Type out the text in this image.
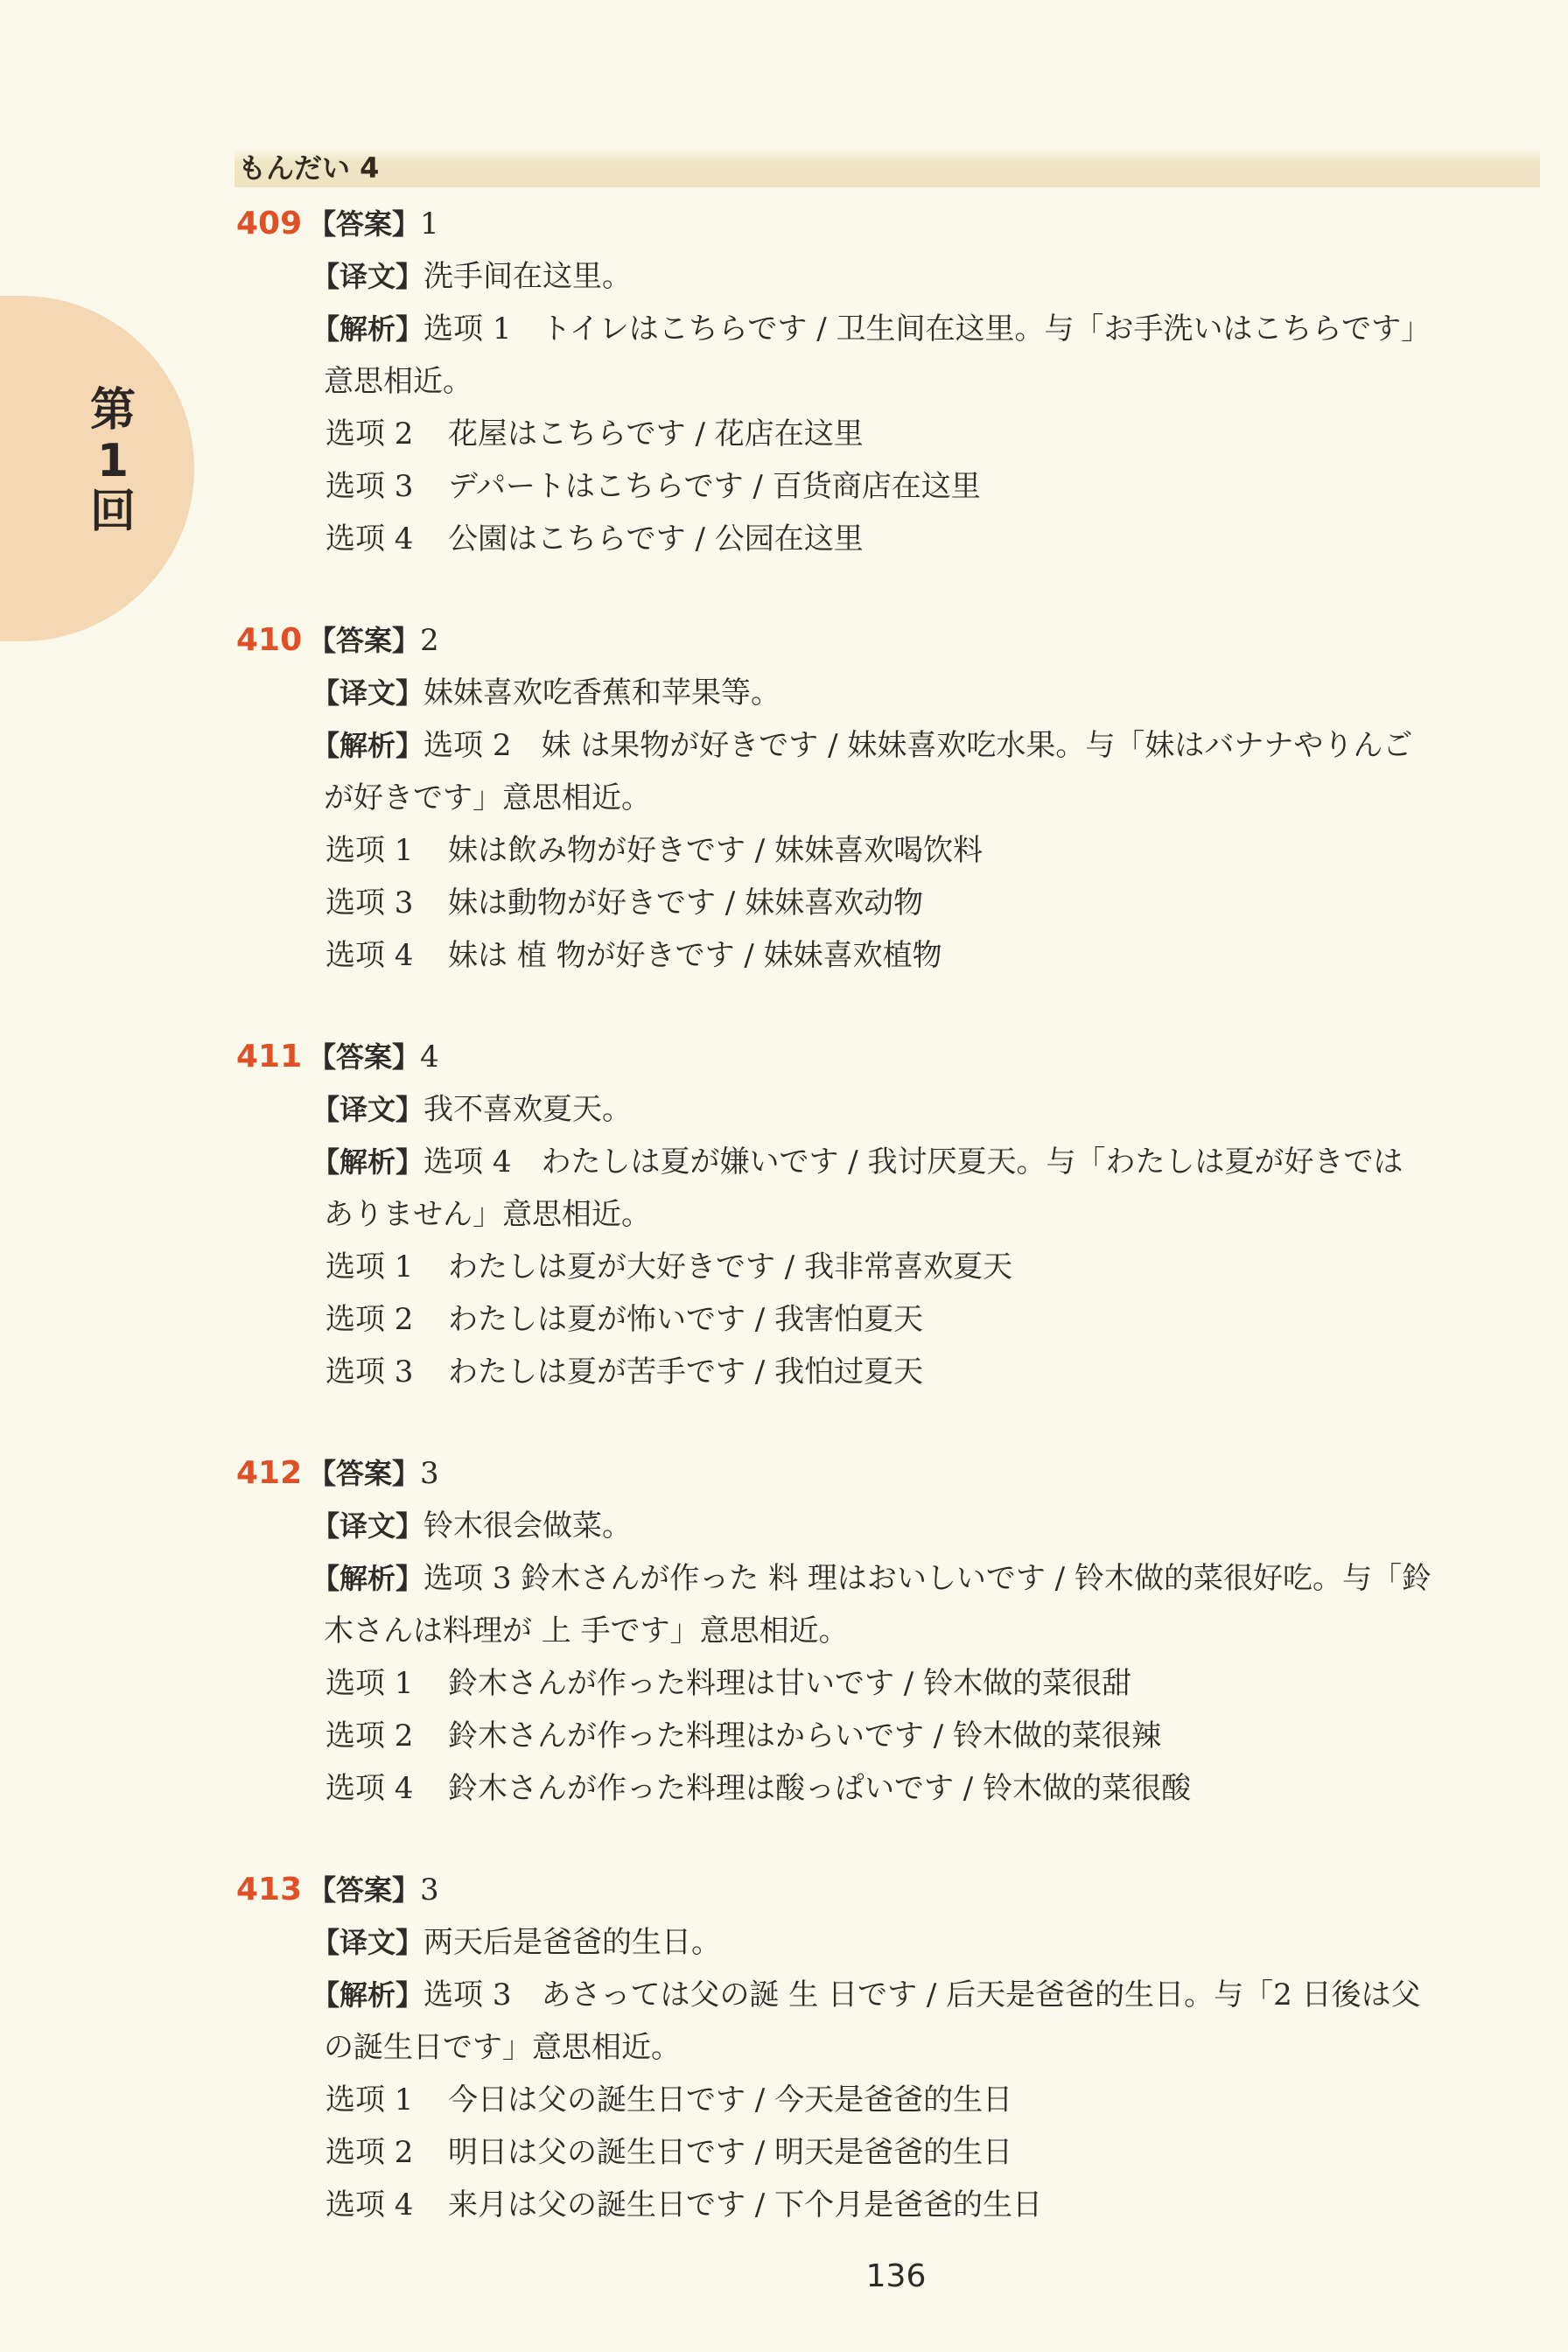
第
1
回
もんだい 4
409 【答案】1
【译文】洗手间在这里。
【解析】选项 1　トイレはこちらです / 卫生间在这里。与「お手洗いはこちらです」
意思相近。
选项 2 花屋はこちらです / 花店在这里
选项 3 デパートはこちらです / 百货商店在这里
选项 4 公園はこちらです / 公园在这里
410 【答案】2
【译文】妹妹喜欢吃香蕉和苹果等。
【解析】选项 2　妹 は果物が好きです / 妹妹喜欢吃水果。与「妹はバナナやりんご
が好きです」意思相近。
选项 1 妹は飲み物が好きです / 妹妹喜欢喝饮料
选项 3 妹は動物が好きです / 妹妹喜欢动物
选项 4 妹は 植 物が好きです / 妹妹喜欢植物
411 【答案】4
【译文】我不喜欢夏天。
【解析】选项 4　わたしは夏が嫌いです / 我讨厌夏天。与「わたしは夏が好きでは
ありません」意思相近。
选项 1 わたしは夏が大好きです / 我非常喜欢夏天
选项 2 わたしは夏が怖いです / 我害怕夏天
选项 3 わたしは夏が苦手です / 我怕过夏天
412 【答案】3
【译文】铃木很会做菜。
【解析】选项 3 鈴木さんが作った 料 理はおいしいです / 铃木做的菜很好吃。与「鈴
木さんは料理が 上 手です」意思相近。
选项 1 鈴木さんが作った料理は甘いです / 铃木做的菜很甜
选项 2 鈴木さんが作った料理はからいです / 铃木做的菜很辣
选项 4 鈴木さんが作った料理は酸っぱいです / 铃木做的菜很酸
413 【答案】3
【译文】两天后是爸爸的生日。
【解析】选项 3　あさっては父の誕 生 日です / 后天是爸爸的生日。与「2 日後は父
の誕生日です」意思相近。
选项 1 今日は父の誕生日です / 今天是爸爸的生日
选项 2 明日は父の誕生日です / 明天是爸爸的生日
选项 4 来月は父の誕生日です / 下个月是爸爸的生日
136
